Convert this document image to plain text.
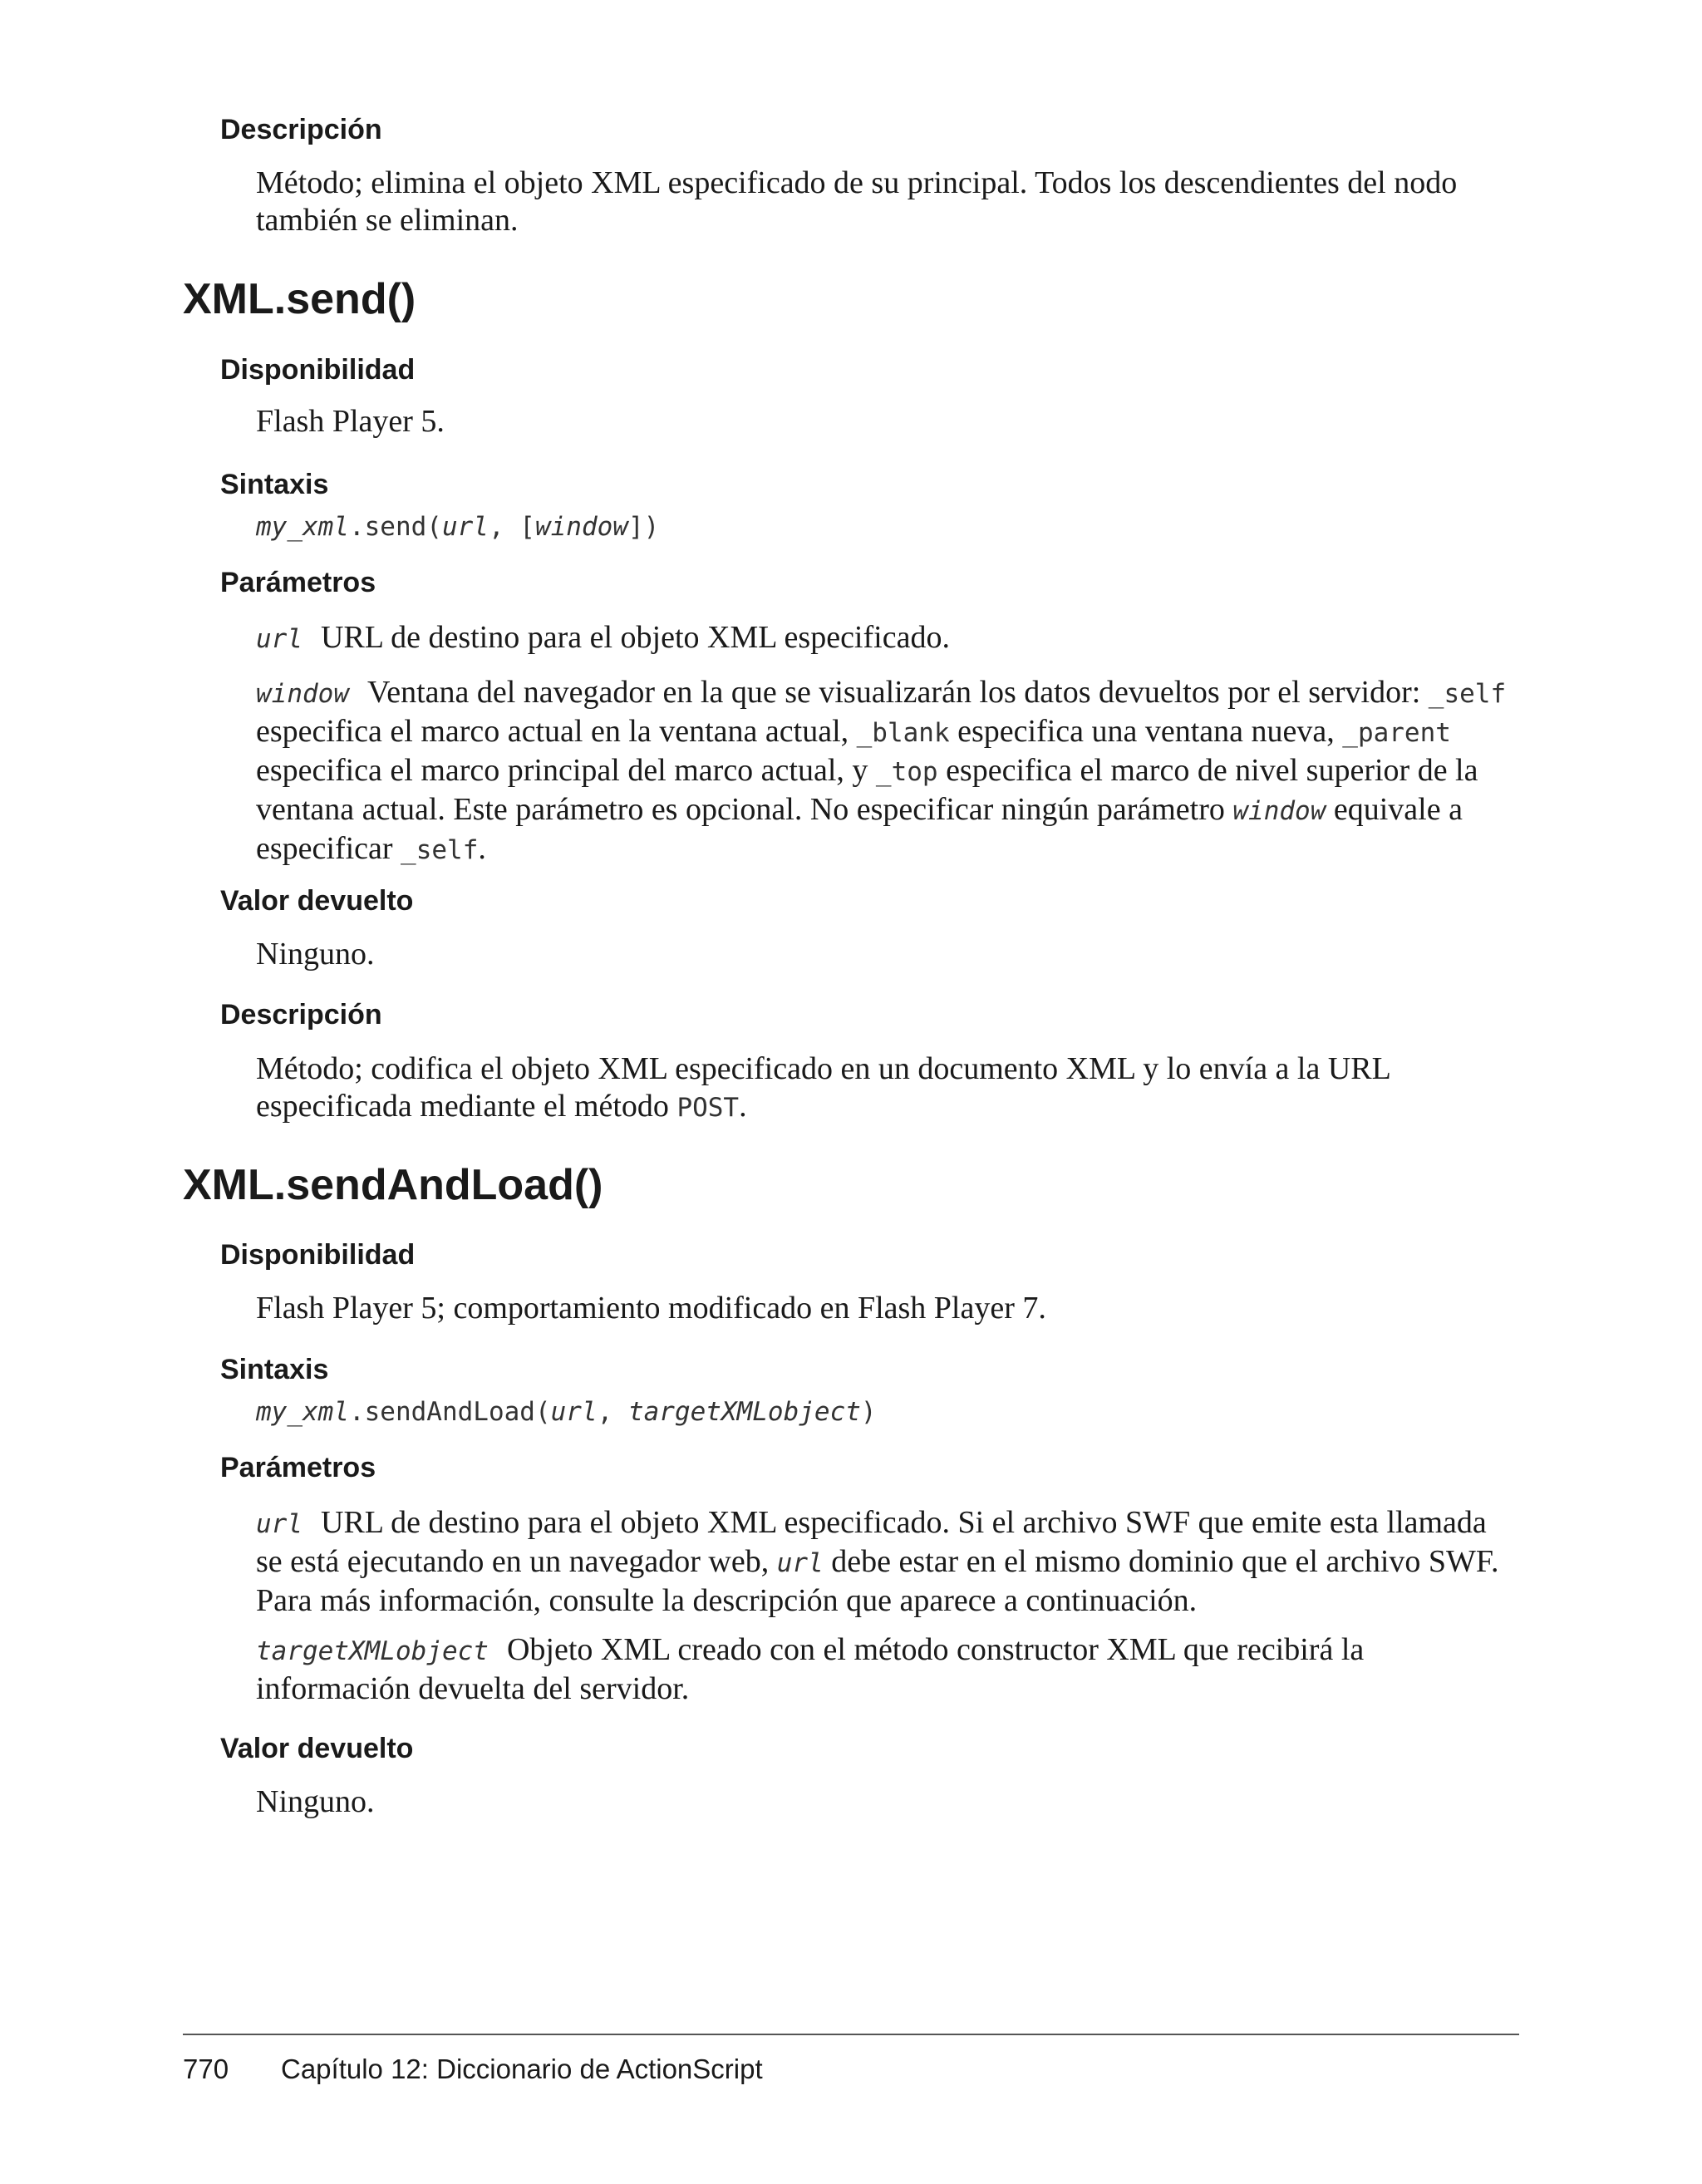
Descripción

Método; elimina el objeto XML especificado de su principal. Todos los descendientes del nodo también se eliminan.

XML.send()
Disponibilidad

Flash Player 5.

Sintaxis

my_xml.send(url, [window])

Parámetros

url URL de destino para el objeto XML especificado.

window Ventana del navegador en la que se visualizarán los datos devueltos por el servidor: _self especifica el marco actual en la ventana actual, _blank especifica una ventana nueva, _parent especifica el marco principal del marco actual, y _top especifica el marco de nivel superior de la ventana actual. Este parámetro es opcional. No especificar ningún parámetro window equivale a especificar _self.

Valor devuelto

Ninguno.

Descripción

Método; codifica el objeto XML especificado en un documento XML y lo envía a la URL especificada mediante el método POST.

XML.sendAndLoad()
Disponibilidad

Flash Player 5; comportamiento modificado en Flash Player 7.

Sintaxis

my_xml.sendAndLoad(url, targetXMLobject)

Parámetros

url URL de destino para el objeto XML especificado. Si el archivo SWF que emite esta llamada se está ejecutando en un navegador web, url debe estar en el mismo dominio que el archivo SWF. Para más información, consulte la descripción que aparece a continuación.

targetXMLobject Objeto XML creado con el método constructor XML que recibirá la información devuelta del servidor.

Valor devuelto

Ninguno.

770 Capítulo 12: Diccionario de ActionScript
